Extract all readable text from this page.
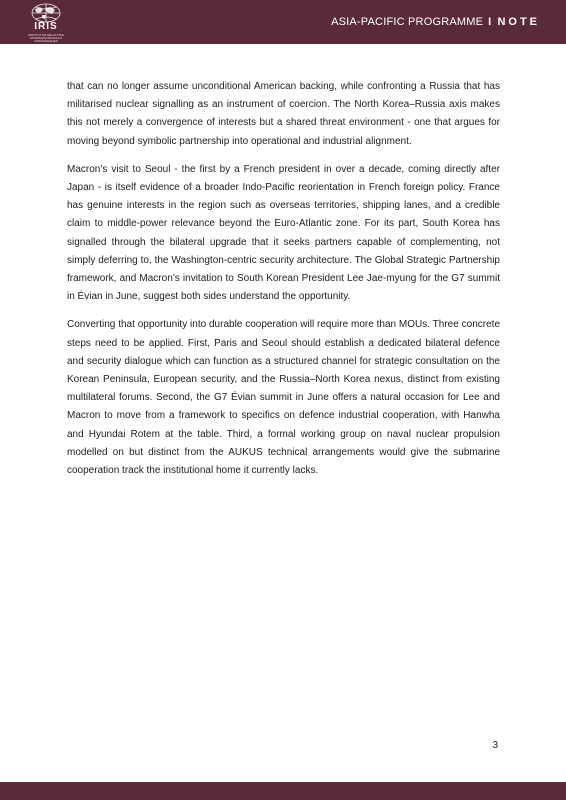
IRIS
INSTITUT DE RELATIONS INTERNATIONALES ET STRATÉGIQUES
ASIA-PACIFIC PROGRAMME I NOTE

that can no longer assume unconditional American backing, while confronting a Russia that has militarised nuclear signalling as an instrument of coercion. The North Korea–Russia axis makes this not merely a convergence of interests but a shared threat environment - one that argues for moving beyond symbolic partnership into operational and industrial alignment.

Macron’s visit to Seoul - the first by a French president in over a decade, coming directly after Japan - is itself evidence of a broader Indo-Pacific reorientation in French foreign policy. France has genuine interests in the region such as overseas territories, shipping lanes, and a credible claim to middle-power relevance beyond the Euro-Atlantic zone. For its part, South Korea has signalled through the bilateral upgrade that it seeks partners capable of complementing, not simply deferring to, the Washington-centric security architecture. The Global Strategic Partnership framework, and Macron’s invitation to South Korean President Lee Jae-myung for the G7 summit in Évian in June, suggest both sides understand the opportunity.

Converting that opportunity into durable cooperation will require more than MOUs. Three concrete steps need to be applied. First, Paris and Seoul should establish a dedicated bilateral defence and security dialogue which can function as a structured channel for strategic consultation on the Korean Peninsula, European security, and the Russia–North Korea nexus, distinct from existing multilateral forums. Second, the G7 Évian summit in June offers a natural occasion for Lee and Macron to move from a framework to specifics on defence industrial cooperation, with Hanwha and Hyundai Rotem at the table. Third, a formal working group on naval nuclear propulsion modelled on but distinct from the AUKUS technical arrangements would give the submarine cooperation track the institutional home it currently lacks.

3
